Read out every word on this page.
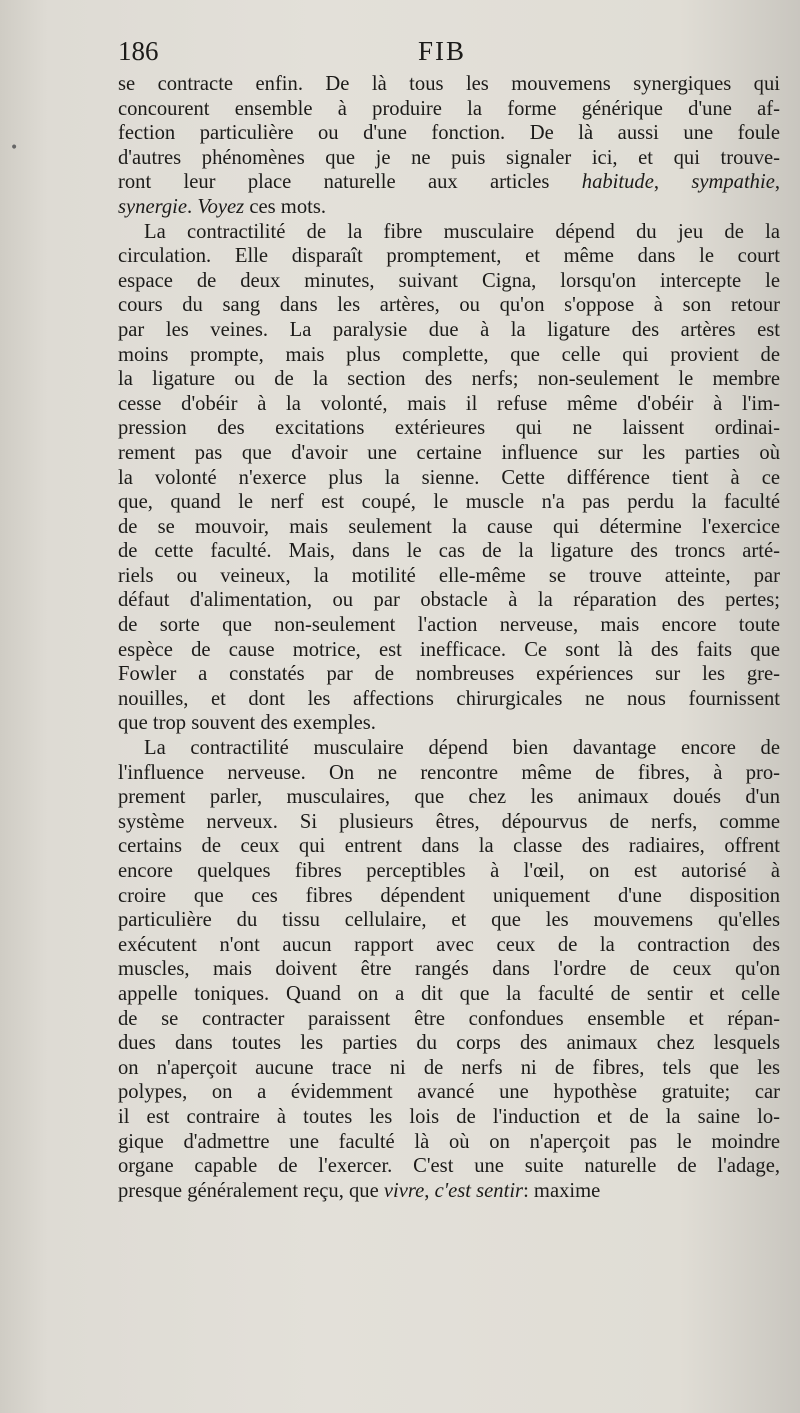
186	FIB
•
se contracte enfin. De là tous les mouvemens synergiques qui
concourent ensemble à produire la forme générique d'une af-
fection particulière ou d'une fonction. De là aussi une foule
d'autres phénomènes que je ne puis signaler ici, et qui trouve-
ront leur place naturelle aux articles habitude, sympathie,
synergie. Voyez ces mots.
La contractilité de la fibre musculaire dépend du jeu de la
circulation. Elle disparaît promptement, et même dans le court
espace de deux minutes, suivant Cigna, lorsqu'on intercepte le
cours du sang dans les artères, ou qu'on s'oppose à son retour
par les veines. La paralysie due à la ligature des artères est
moins prompte, mais plus complette, que celle qui provient de
la ligature ou de la section des nerfs; non-seulement le membre
cesse d'obéir à la volonté, mais il refuse même d'obéir à l'im-
pression des excitations extérieures qui ne laissent ordinai-
rement pas que d'avoir une certaine influence sur les parties où
la volonté n'exerce plus la sienne. Cette différence tient à ce
que, quand le nerf est coupé, le muscle n'a pas perdu la faculté
de se mouvoir, mais seulement la cause qui détermine l'exercice
de cette faculté. Mais, dans le cas de la ligature des troncs arté-
riels ou veineux, la motilité elle-même se trouve atteinte, par
défaut d'alimentation, ou par obstacle à la réparation des pertes;
de sorte que non-seulement l'action nerveuse, mais encore toute
espèce de cause motrice, est inefficace. Ce sont là des faits que
Fowler a constatés par de nombreuses expériences sur les gre-
nouilles, et dont les affections chirurgicales ne nous fournissent
que trop souvent des exemples.
La contractilité musculaire dépend bien davantage encore de
l'influence nerveuse. On ne rencontre même de fibres, à pro-
prement parler, musculaires, que chez les animaux doués d'un
système nerveux. Si plusieurs êtres, dépourvus de nerfs, comme
certains de ceux qui entrent dans la classe des radiaires, offrent
encore quelques fibres perceptibles à l'œil, on est autorisé à
croire que ces fibres dépendent uniquement d'une disposition
particulière du tissu cellulaire, et que les mouvemens qu'elles
exécutent n'ont aucun rapport avec ceux de la contraction des
muscles, mais doivent être rangés dans l'ordre de ceux qu'on
appelle toniques. Quand on a dit que la faculté de sentir et celle
de se contracter paraissent être confondues ensemble et répan-
dues dans toutes les parties du corps des animaux chez lesquels
on n'aperçoit aucune trace ni de nerfs ni de fibres, tels que les
polypes, on a évidemment avancé une hypothèse gratuite; car
il est contraire à toutes les lois de l'induction et de la saine lo-
gique d'admettre une faculté là où on n'aperçoit pas le moindre
organe capable de l'exercer. C'est une suite naturelle de l'adage,
presque généralement reçu, que vivre, c'est sentir: maxime
